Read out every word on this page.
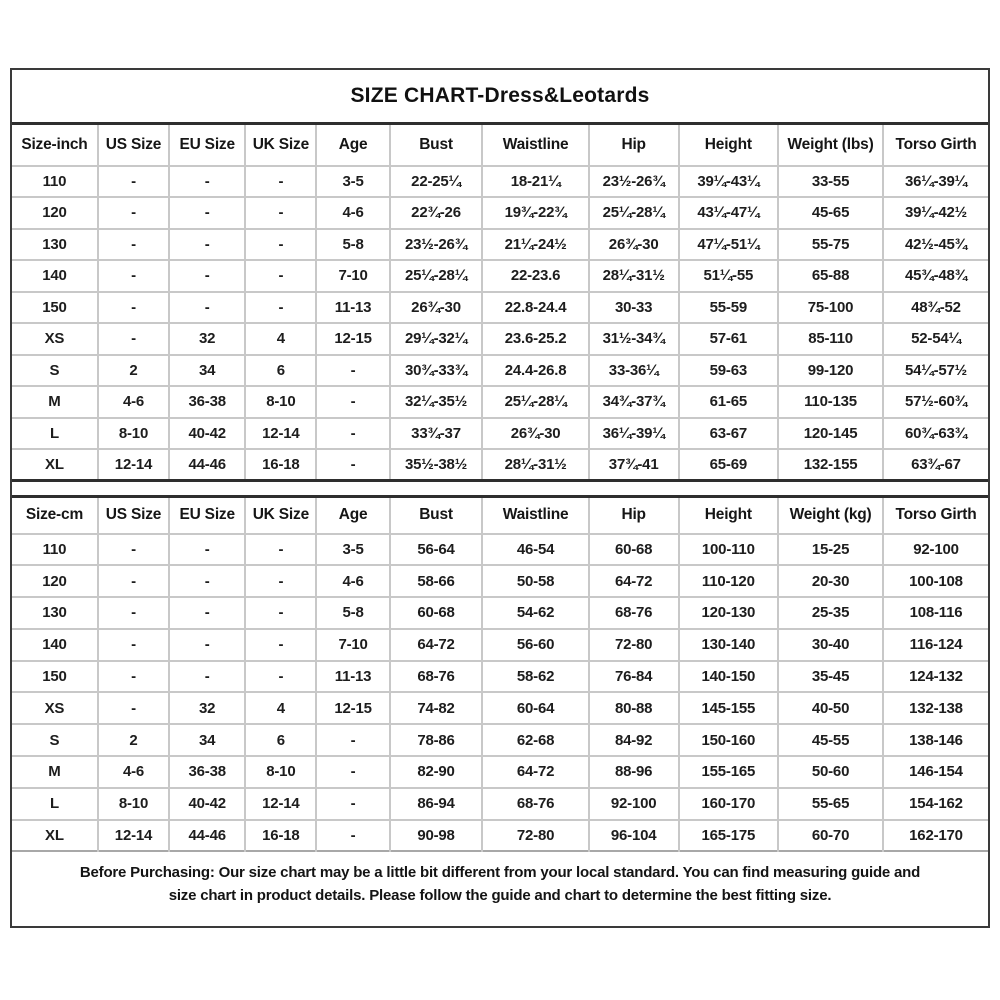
SIZE CHART-Dress&Leotards
Size-inch	US Size	EU Size	UK Size	Age	Bust	Waistline	Hip	Height	Weight (lbs)	Torso Girth
110	-	-	-	3-5	22-25¼	18-21¼	23½-26¾	39¼-43¼	33-55	36¼-39¼
120	-	-	-	4-6	22¾-26	19¾-22¾	25¼-28¼	43¼-47¼	45-65	39¼-42½
130	-	-	-	5-8	23½-26¾	21¼-24½	26¾-30	47¼-51¼	55-75	42½-45¾
140	-	-	-	7-10	25¼-28¼	22-23.6	28¼-31½	51¼-55	65-88	45¾-48¾
150	-	-	-	11-13	26¾-30	22.8-24.4	30-33	55-59	75-100	48¾-52
XS	-	32	4	12-15	29¼-32¼	23.6-25.2	31½-34¾	57-61	85-110	52-54¼
S	2	34	6	-	30¾-33¾	24.4-26.8	33-36¼	59-63	99-120	54¼-57½
M	4-6	36-38	8-10	-	32¼-35½	25¼-28¼	34¾-37¾	61-65	110-135	57½-60¾
L	8-10	40-42	12-14	-	33¾-37	26¾-30	36¼-39¼	63-67	120-145	60¾-63¾
XL	12-14	44-46	16-18	-	35½-38½	28¼-31½	37¾-41	65-69	132-155	63¾-67
Size-cm	US Size	EU Size	UK Size	Age	Bust	Waistline	Hip	Height	Weight (kg)	Torso Girth
110	-	-	-	3-5	56-64	46-54	60-68	100-110	15-25	92-100
120	-	-	-	4-6	58-66	50-58	64-72	110-120	20-30	100-108
130	-	-	-	5-8	60-68	54-62	68-76	120-130	25-35	108-116
140	-	-	-	7-10	64-72	56-60	72-80	130-140	30-40	116-124
150	-	-	-	11-13	68-76	58-62	76-84	140-150	35-45	124-132
XS	-	32	4	12-15	74-82	60-64	80-88	145-155	40-50	132-138
S	2	34	6	-	78-86	62-68	84-92	150-160	45-55	138-146
M	4-6	36-38	8-10	-	82-90	64-72	88-96	155-165	50-60	146-154
L	8-10	40-42	12-14	-	86-94	68-76	92-100	160-170	55-65	154-162
XL	12-14	44-46	16-18	-	90-98	72-80	96-104	165-175	60-70	162-170
Before Purchasing: Our size chart may be a little bit different from your local standard. You can find measuring guide and
size chart in product details. Please follow the guide and chart to determine the best fitting size.
